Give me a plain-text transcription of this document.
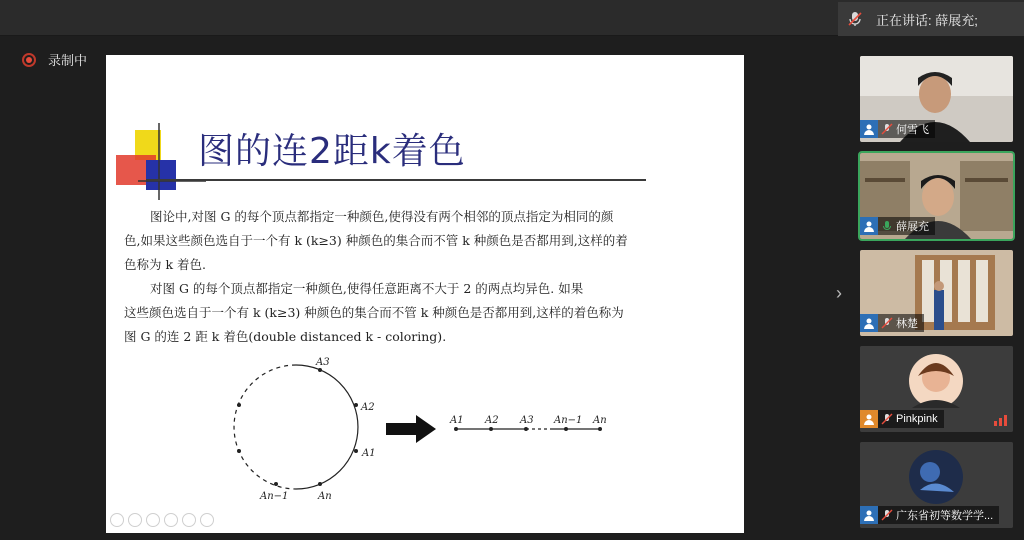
正在讲话: 薛展充;
录制中
图的连2距k着色
图论中,对图 G 的每个顶点都指定一种颜色,使得没有两个相邻的顶点指定为相同的颜
色,如果这些颜色选自于一个有 k (k≥3) 种颜色的集合而不管 k 种颜色是否都用到,这样的着
色称为 k 着色.
对图 G 的每个顶点都指定一种颜色,使得任意距离不大于 2 的两点均异色. 如果
这些颜色选自于一个有 k (k≥3) 种颜色的集合而不管 k 种颜色是否都用到,这样的着色称为
图 G 的连 2 距 k 着色(double distanced k - coloring).
A3
A2
A1
An
An−1
A1 A2 A3 An−1 An
›
何雪飞
薛展充
林楚
Pinkpink
广东省初等数学学...
